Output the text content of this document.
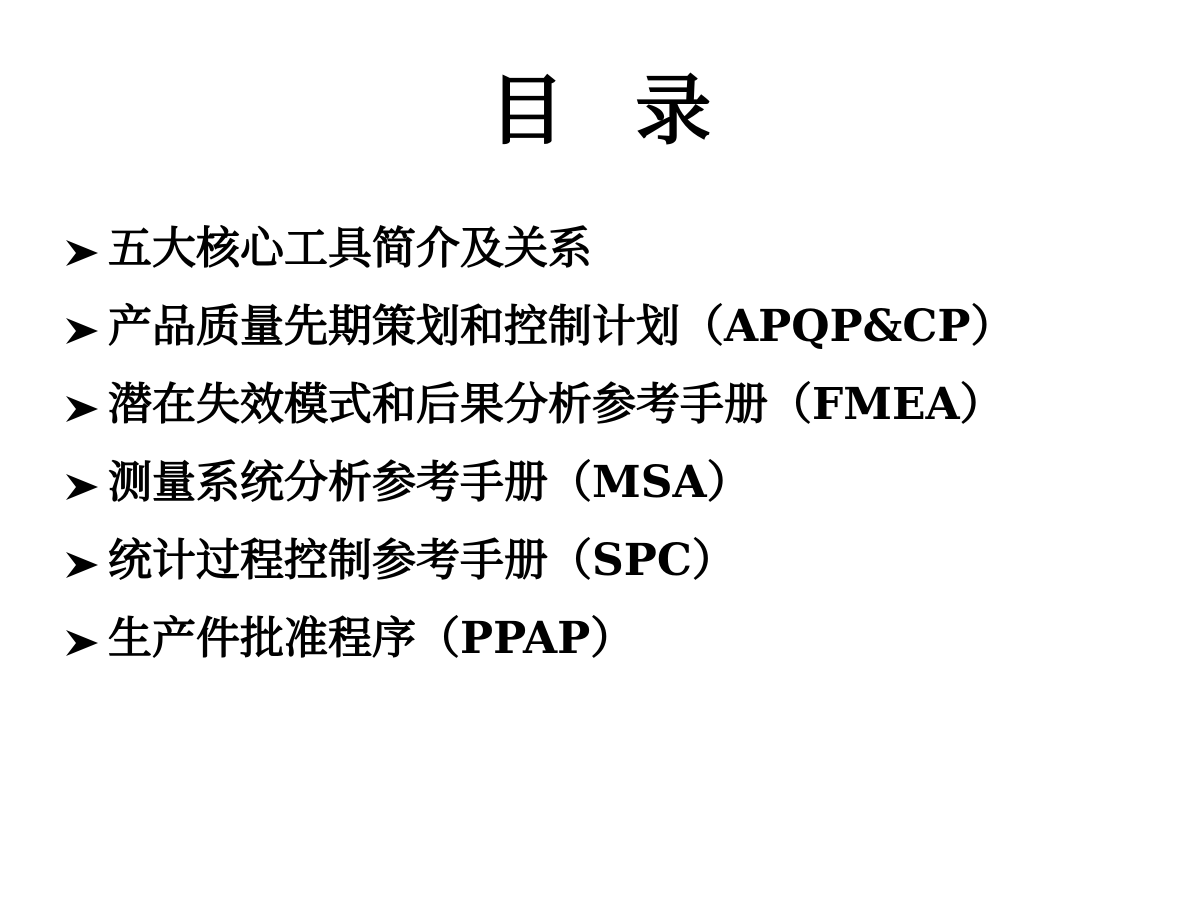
目 录
五大核心工具简介及关系
产品质量先期策划和控制计划（APQP&CP）
潜在失效模式和后果分析参考手册（FMEA）
测量系统分析参考手册（MSA）
统计过程控制参考手册（SPC）
生产件批准程序（PPAP）
